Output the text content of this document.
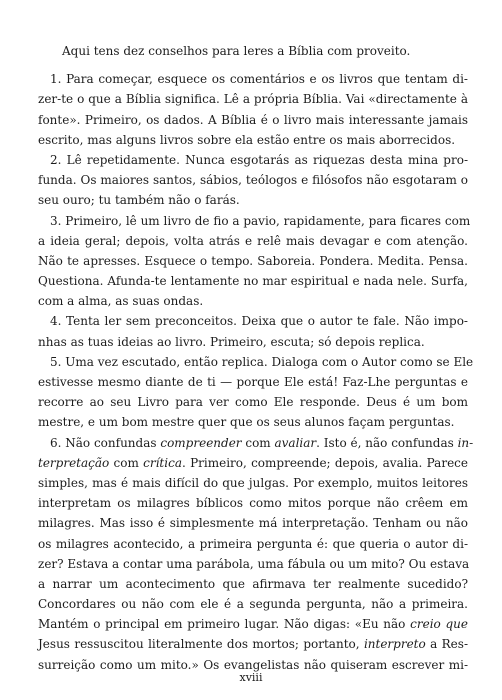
Aqui tens dez conselhos para leres a Bíblia com proveito.
1. Para começar, esquece os comentários e os livros que tentam di-
zer-te o que a Bíblia significa. Lê a própria Bíblia. Vai «directamente à
fonte». Primeiro, os dados. A Bíblia é o livro mais interessante jamais
escrito, mas alguns livros sobre ela estão entre os mais aborrecidos.
2. Lê repetidamente. Nunca esgotarás as riquezas desta mina pro-
funda. Os maiores santos, sábios, teólogos e filósofos não esgotaram o
seu ouro; tu também não o farás.
3. Primeiro, lê um livro de fio a pavio, rapidamente, para ficares com
a ideia geral; depois, volta atrás e relê mais devagar e com atenção.
Não te apresses. Esquece o tempo. Saboreia. Pondera. Medita. Pensa.
Questiona. Afunda-te lentamente no mar espiritual e nada nele. Surfa,
com a alma, as suas ondas.
4. Tenta ler sem preconceitos. Deixa que o autor te fale. Não impo-
nhas as tuas ideias ao livro. Primeiro, escuta; só depois replica.
5. Uma vez escutado, então replica. Dialoga com o Autor como se Ele
estivesse mesmo diante de ti — porque Ele está! Faz-Lhe perguntas e
recorre ao seu Livro para ver como Ele responde. Deus é um bom
mestre, e um bom mestre quer que os seus alunos façam perguntas.
6. Não confundas compreender com avaliar. Isto é, não confundas in-
terpretação com crítica. Primeiro, compreende; depois, avalia. Parece
simples, mas é mais difícil do que julgas. Por exemplo, muitos leitores
interpretam os milagres bíblicos como mitos porque não crêem em
milagres. Mas isso é simplesmente má interpretação. Tenham ou não
os milagres acontecido, a primeira pergunta é: que queria o autor di-
zer? Estava a contar uma parábola, uma fábula ou um mito? Ou estava
a narrar um acontecimento que afirmava ter realmente sucedido?
Concordares ou não com ele é a segunda pergunta, não a primeira.
Mantém o principal em primeiro lugar. Não digas: «Eu não creio que
Jesus ressuscitou literalmente dos mortos; portanto, interpreto a Res-
surreição como um mito.» Os evangelistas não quiseram escrever mi-
xviii
